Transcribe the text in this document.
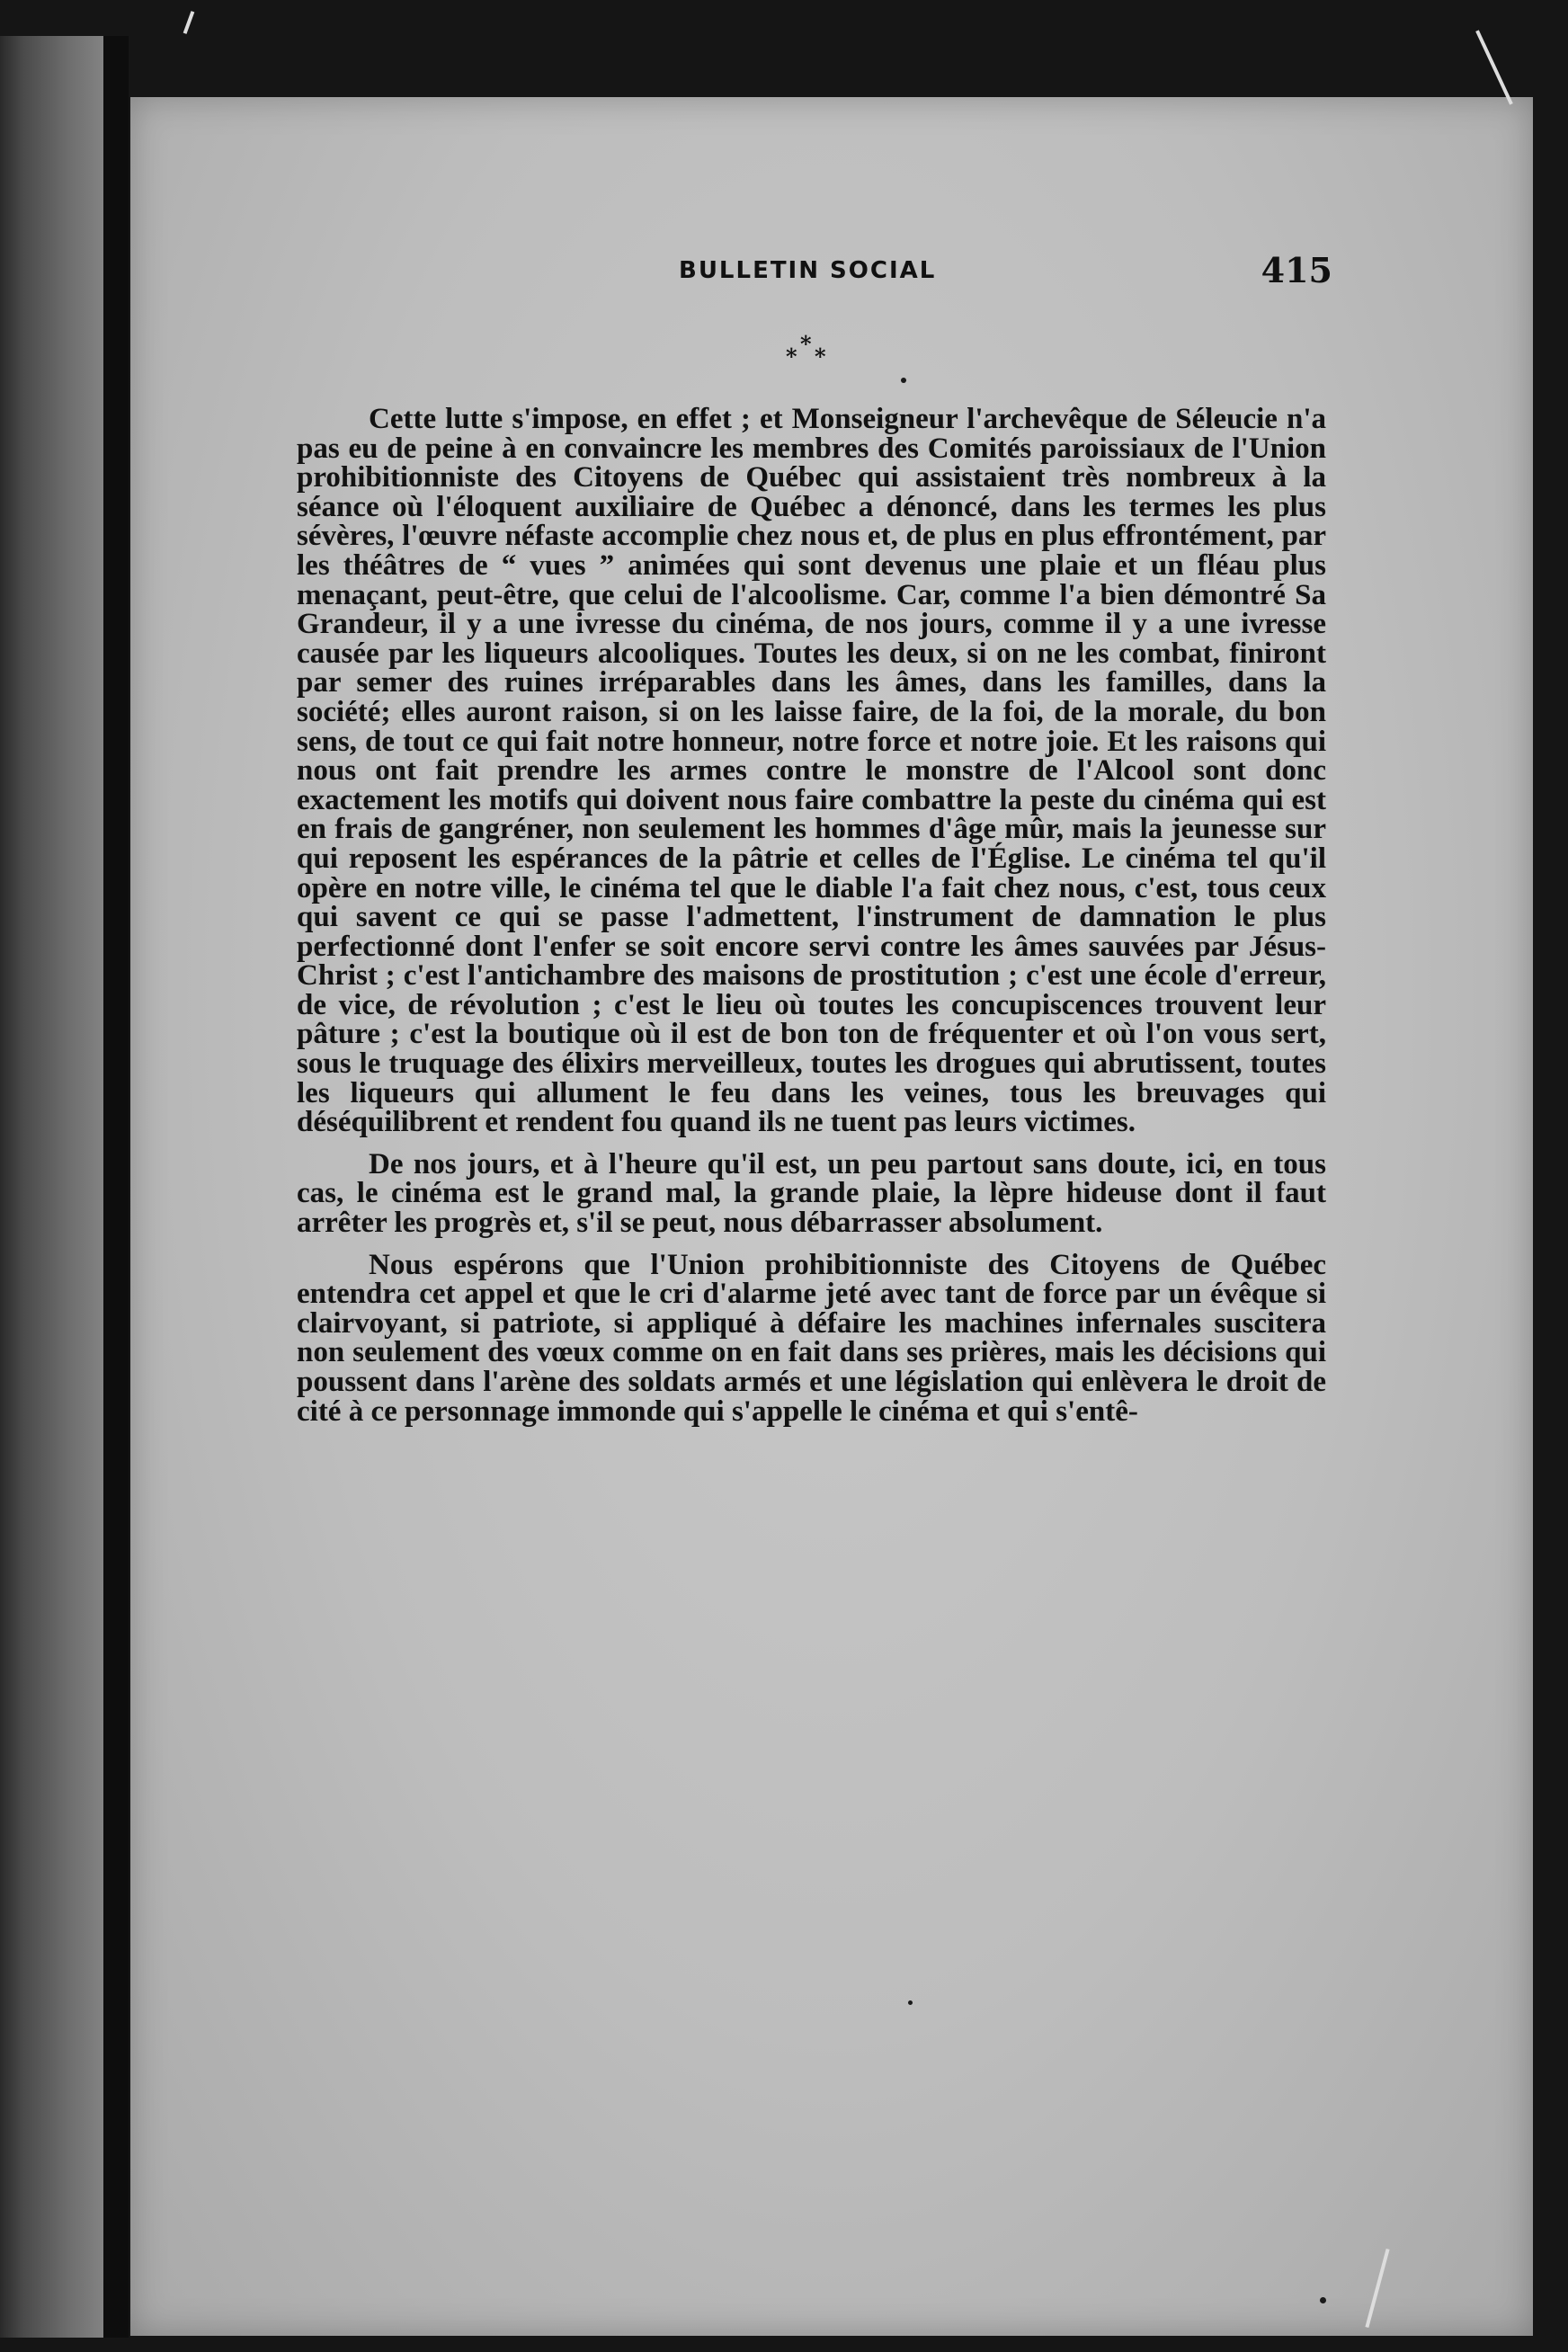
BULLETIN SOCIAL	415
* * *

Cette lutte s'impose, en effet ; et Monseigneur l'archevêque de Séleucie n'a pas eu de peine à en convaincre les membres des Comités paroissiaux de l'Union prohibitionniste des Citoyens de Québec qui assistaient très nombreux à la séance où l'éloquent auxiliaire de Québec a dénoncé, dans les termes les plus sévères, l'œuvre néfaste accomplie chez nous et, de plus en plus effrontément, par les théâtres de “ vues ” animées qui sont devenus une plaie et un fléau plus menaçant, peut-être, que celui de l'alcoolisme. Car, comme l'a bien démontré Sa Grandeur, il y a une ivresse du cinéma, de nos jours, comme il y a une ivresse causée par les liqueurs alcooliques. Toutes les deux, si on ne les combat, finiront par semer des ruines irréparables dans les âmes, dans les familles, dans la société; elles auront raison, si on les laisse faire, de la foi, de la morale, du bon sens, de tout ce qui fait notre honneur, notre force et notre joie. Et les raisons qui nous ont fait prendre les armes contre le monstre de l'Alcool sont donc exactement les motifs qui doivent nous faire combattre la peste du cinéma qui est en frais de gangréner, non seulement les hommes d'âge mûr, mais la jeunesse sur qui reposent les espérances de la pâtrie et celles de l'Église. Le cinéma tel qu'il opère en notre ville, le cinéma tel que le diable l'a fait chez nous, c'est, tous ceux qui savent ce qui se passe l'admettent, l'instrument de damnation le plus perfectionné dont l'enfer se soit encore servi contre les âmes sauvées par Jésus-Christ ; c'est l'antichambre des maisons de prostitution ; c'est une école d'erreur, de vice, de révolution ; c'est le lieu où toutes les concupiscences trouvent leur pâture ; c'est la boutique où il est de bon ton de fréquenter et où l'on vous sert, sous le truquage des élixirs merveilleux, toutes les drogues qui abrutissent, toutes les liqueurs qui allument le feu dans les veines, tous les breuvages qui déséquilibrent et rendent fou quand ils ne tuent pas leurs victimes.

De nos jours, et à l'heure qu'il est, un peu partout sans doute, ici, en tous cas, le cinéma est le grand mal, la grande plaie, la lèpre hideuse dont il faut arrêter les progrès et, s'il se peut, nous débarrasser absolument.

Nous espérons que l'Union prohibitionniste des Citoyens de Québec entendra cet appel et que le cri d'alarme jeté avec tant de force par un évêque si clairvoyant, si patriote, si appliqué à défaire les machines infernales suscitera non seulement des vœux comme on en fait dans ses prières, mais les décisions qui poussent dans l'arène des soldats armés et une législation qui enlèvera le droit de cité à ce personnage immonde qui s'appelle le cinéma et qui s'entê-
